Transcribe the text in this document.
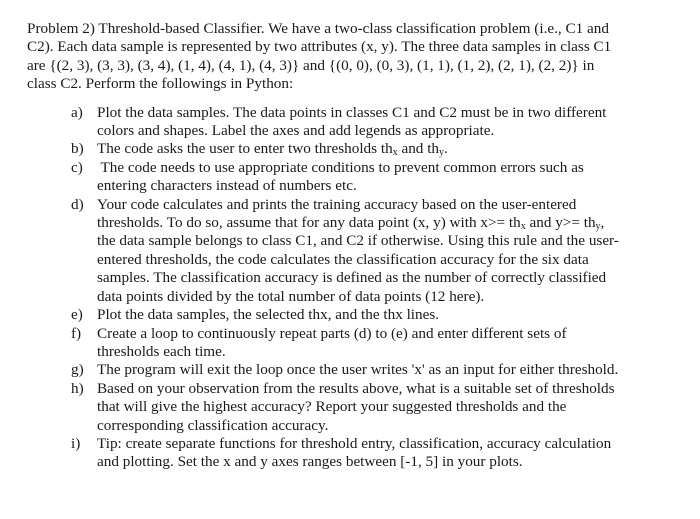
Problem 2) Threshold-based Classifier. We have a two-class classification problem (i.e., C1 and
C2). Each data sample is represented by two attributes (x, y). The three data samples in class C1
are {(2, 3), (3, 3), (3, 4), (1, 4), (4, 1), (4, 3)} and {(0, 0), (0, 3), (1, 1), (1, 2), (2, 1), (2, 2)} in
class C2. Perform the followings in Python:

a) Plot the data samples. The data points in classes C1 and C2 must be in two different
colors and shapes. Label the axes and add legends as appropriate.
b) The code asks the user to enter two thresholds $th_x$ and $th_y$.
c) The code needs to use appropriate conditions to prevent common errors such as
entering characters instead of numbers etc.
d) Your code calculates and prints the training accuracy based on the user-entered
thresholds. To do so, assume that for any data point (x, y) with $x>= th_x$ and $y>= th_y$,
the data sample belongs to class C1, and C2 if otherwise. Using this rule and the user-
entered thresholds, the code calculates the classification accuracy for the six data
samples. The classification accuracy is defined as the number of correctly classified
data points divided by the total number of data points (12 here).
e) Plot the data samples, the selected thx, and the thx lines.
f)	Create a loop to continuously repeat parts (d) to (e) and enter different sets of
thresholds each time.
g) The program will exit the loop once the user writes 'x' as an input for either threshold.
h) Based on your observation from the results above, what is a suitable set of thresholds
that will give the highest accuracy? Report your suggested thresholds and the
corresponding classification accuracy.
i)	Tip: create separate functions for threshold entry, classification, accuracy calculation
and plotting. Set the x and y axes ranges between [-1, 5] in your plots.
